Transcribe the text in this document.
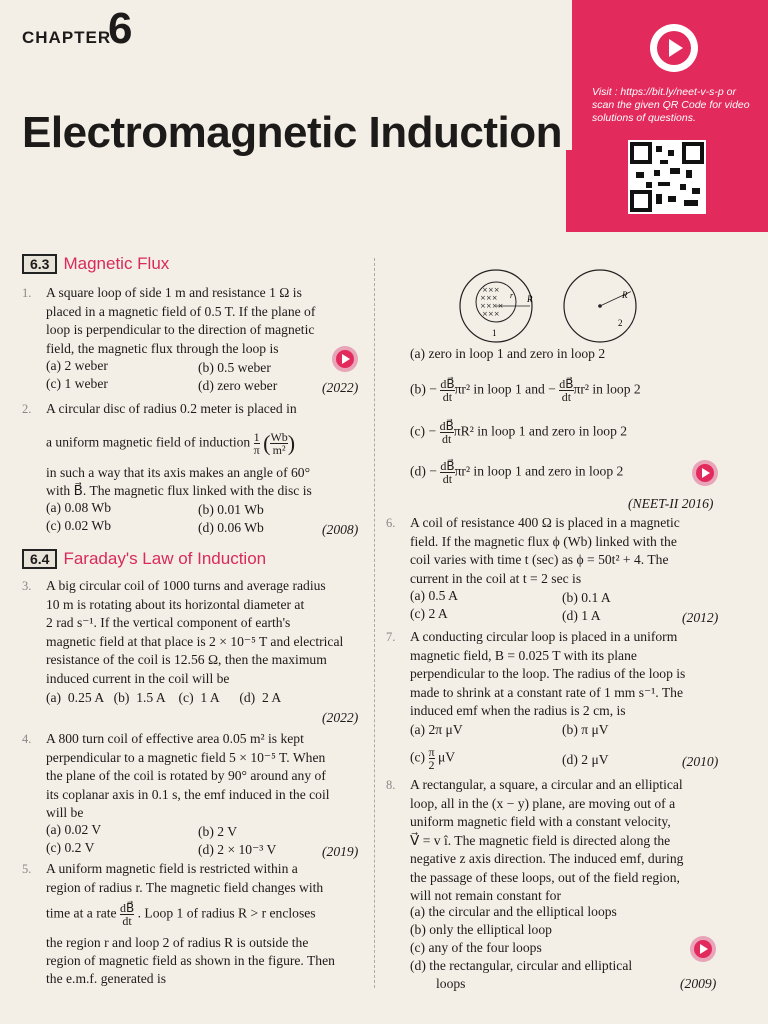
CHAPTER
6
Electromagnetic Induction
Visit : https://bit.ly/neet-v-s-p or scan the given QR Code for video solutions of questions.
6.3 Magnetic Flux
1. A square loop of side 1 m and resistance 1 Ω is
placed in a magnetic field of 0.5 T. If the plane of
loop is perpendicular to the direction of magnetic
field, the magnetic flux through the loop is
(a) 2 weber	(b) 0.5 weber
(c) 1 weber	(d) zero weber	(2022)
2. A circular disc of radius 0.2 meter is placed in
a uniform magnetic field of induction $\frac{1}{\pi}$ ( $\frac{Wb}{\text{m²}}$ )
in such a way that its axis makes an angle of 60°
with B⃗. The magnetic flux linked with the disc is
(a) 0.08 Wb	(b) 0.01 Wb
(c) 0.02 Wb	(d) 0.06 Wb	(2008)
6.4 Faraday's Law of Induction
3. A big circular coil of 1000 turns and average radius
10 m is rotating about its horizontal diameter at
2 rad s⁻¹. If the vertical component of earth's
magnetic field at that place is 2 × 10⁻⁵ T and electrical
resistance of the coil is 12.56 Ω, then the maximum
induced current in the coil will be
(a)  0.25 A   (b)  1.5 A    (c)  1 A      (d)  2 A
(2022)
4. A 800 turn coil of effective area 0.05 m² is kept
perpendicular to a magnetic field 5 × 10⁻⁵ T. When
the plane of the coil is rotated by 90° around any of
its coplanar axis in 0.1 s, the emf induced in the coil
will be
(a) 0.02 V	(b) 2 V
(c) 0.2 V	(d) 2 × 10⁻³ V	(2019)
5. A uniform magnetic field is restricted within a
region of radius r. The magnetic field changes with
time at a rate $\frac{dB⃗}{dt}$ . Loop 1 of radius R > r encloses
the region r and loop 2 of radius R is outside the
region of magnetic field as shown in the figure. Then
the e.m.f. generated is
×××
×××
××××
×××
R
r
1
R
2
(a) zero in loop 1 and zero in loop 2
$(b) - \frac{dB⃗}{dt} \pi r^2$ in loop 1 and − $\frac{dB⃗}{dt} \pi r^2$ in loop 2
$(c) - \frac{dB⃗}{dt} \pi R^2$ in loop 1 and zero in loop 2
$(d) - \frac{dB⃗}{dt} \pi r^2$ in loop 1 and zero in loop 2
(NEET-II 2016)
6. A coil of resistance 400 Ω is placed in a magnetic
field. If the magnetic flux ϕ (Wb) linked with the
coil varies with time t (sec) as ϕ = 50t² + 4. The
current in the coil at t = 2 sec is
(a) 0.5 A	(b) 0.1 A
(c) 2 A	(d) 1 A	(2012)
7. A conducting circular loop is placed in a uniform
magnetic field, B = 0.025 T with its plane
perpendicular to the loop. The radius of the loop is
made to shrink at a constant rate of 1 mm s⁻¹. The
induced emf when the radius is 2 cm, is
(a) 2π μV	(b) π μV
$(c) \frac{\pi}{2}$ μV	(d) 2 μV	(2010)
8. A rectangular, a square, a circular and an elliptical
loop, all in the (x − y) plane, are moving out of a
uniform magnetic field with a constant velocity,
V⃗ = v î. The magnetic field is directed along the
negative z axis direction. The induced emf, during
the passage of these loops, out of the field region,
will not remain constant for
(a) the circular and the elliptical loops
(b) only the elliptical loop
(c) any of the four loops
(d) the rectangular, circular and elliptical
loops	(2009)
